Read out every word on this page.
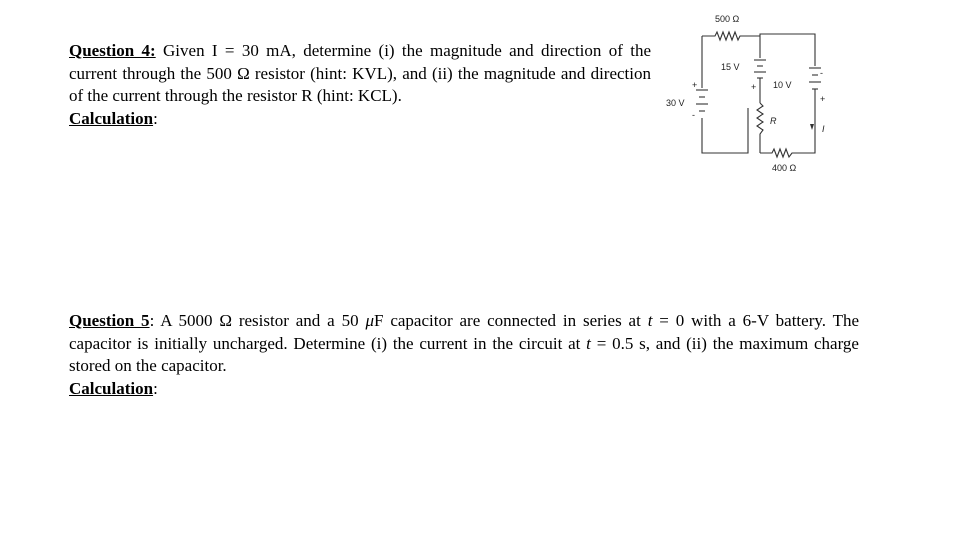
Question 4: Given I = 30 mA, determine (i) the magnitude and direction of the current through the 500 Ω resistor (hint: KVL), and (ii) the magnitude and direction of the current through the resistor R (hint: KCL).

Calculation:

500 Ω
30 V
+
-
15 V
+
R
400 Ω
10 V
+
-
I

Question 5: A 5000 Ω resistor and a 50 μF capacitor are connected in series at t = 0 with a 6-V battery. The capacitor is initially uncharged. Determine (i) the current in the circuit at t = 0.5 s, and (ii) the maximum charge stored on the capacitor.

Calculation:
